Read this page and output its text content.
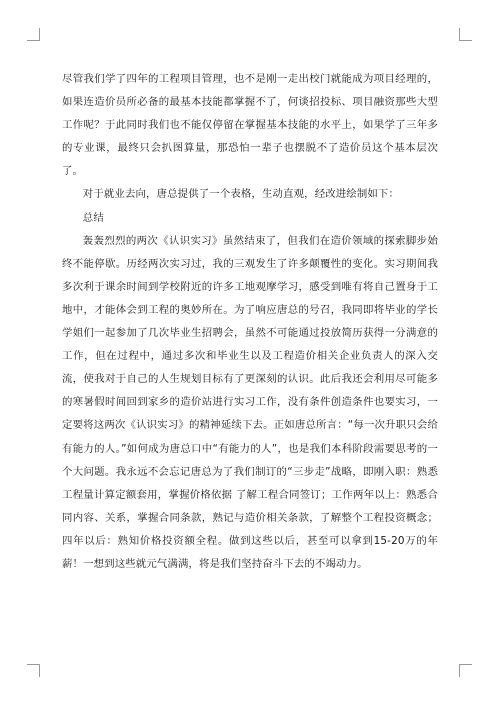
尽管我们学了四年的工程项目管理，也不是刚一走出校门就能成为项目经理的，如果连造价员所必备的最基本技能都掌握不了，何谈招投标、项目融资那些大型工作呢？于此同时我们也不能仅停留在掌握基本技能的水平上，如果学了三年多的专业课，最终只会扒图算量，那恐怕一辈子也摆脱不了造价员这个基本层次了。

对于就业去向，唐总提供了一个表格，生动直观，经改进绘制如下：

总结

轰轰烈烈的两次《认识实习》虽然结束了，但我们在造价领域的探索脚步始终不能停歇。历经两次实习过，我的三观发生了许多颠覆性的变化。实习期间我多次利于课余时间到学校附近的许多工地观摩学习，感受到唯有将自己置身于工地中，才能体会到工程的奥妙所在。为了响应唐总的号召，我同即将毕业的学长学姐们一起参加了几次毕业生招聘会，虽然不可能通过投放简历获得一分满意的工作，但在过程中，通过多次和毕业生以及工程造价相关企业负责人的深入交流，使我对于自己的人生规划目标有了更深刻的认识。此后我还会利用尽可能多的寒暑假时间回到家乡的造价站进行实习工作，没有条件创造条件也要实习，一定要将这两次《认识实习》的精神延续下去。正如唐总所言：“每一次升职只会给有能力的人。”如何成为唐总口中“有能力的人”，也是我们本科阶段需要思考的一个大问题。我永远不会忘记唐总为了我们制订的“三步走”战略，即刚入职：熟悉工程量计算定额套用，掌握价格依据 了解工程合同签订；工作两年以上：熟悉合同内容、关系，掌握合同条款，熟记与造价相关条款，了解整个工程投资概念；四年以后：熟知价格投资额全程。做到这些以后，甚至可以拿到15-20万的年薪！一想到这些就元气满满，将是我们坚持奋斗下去的不竭动力。
